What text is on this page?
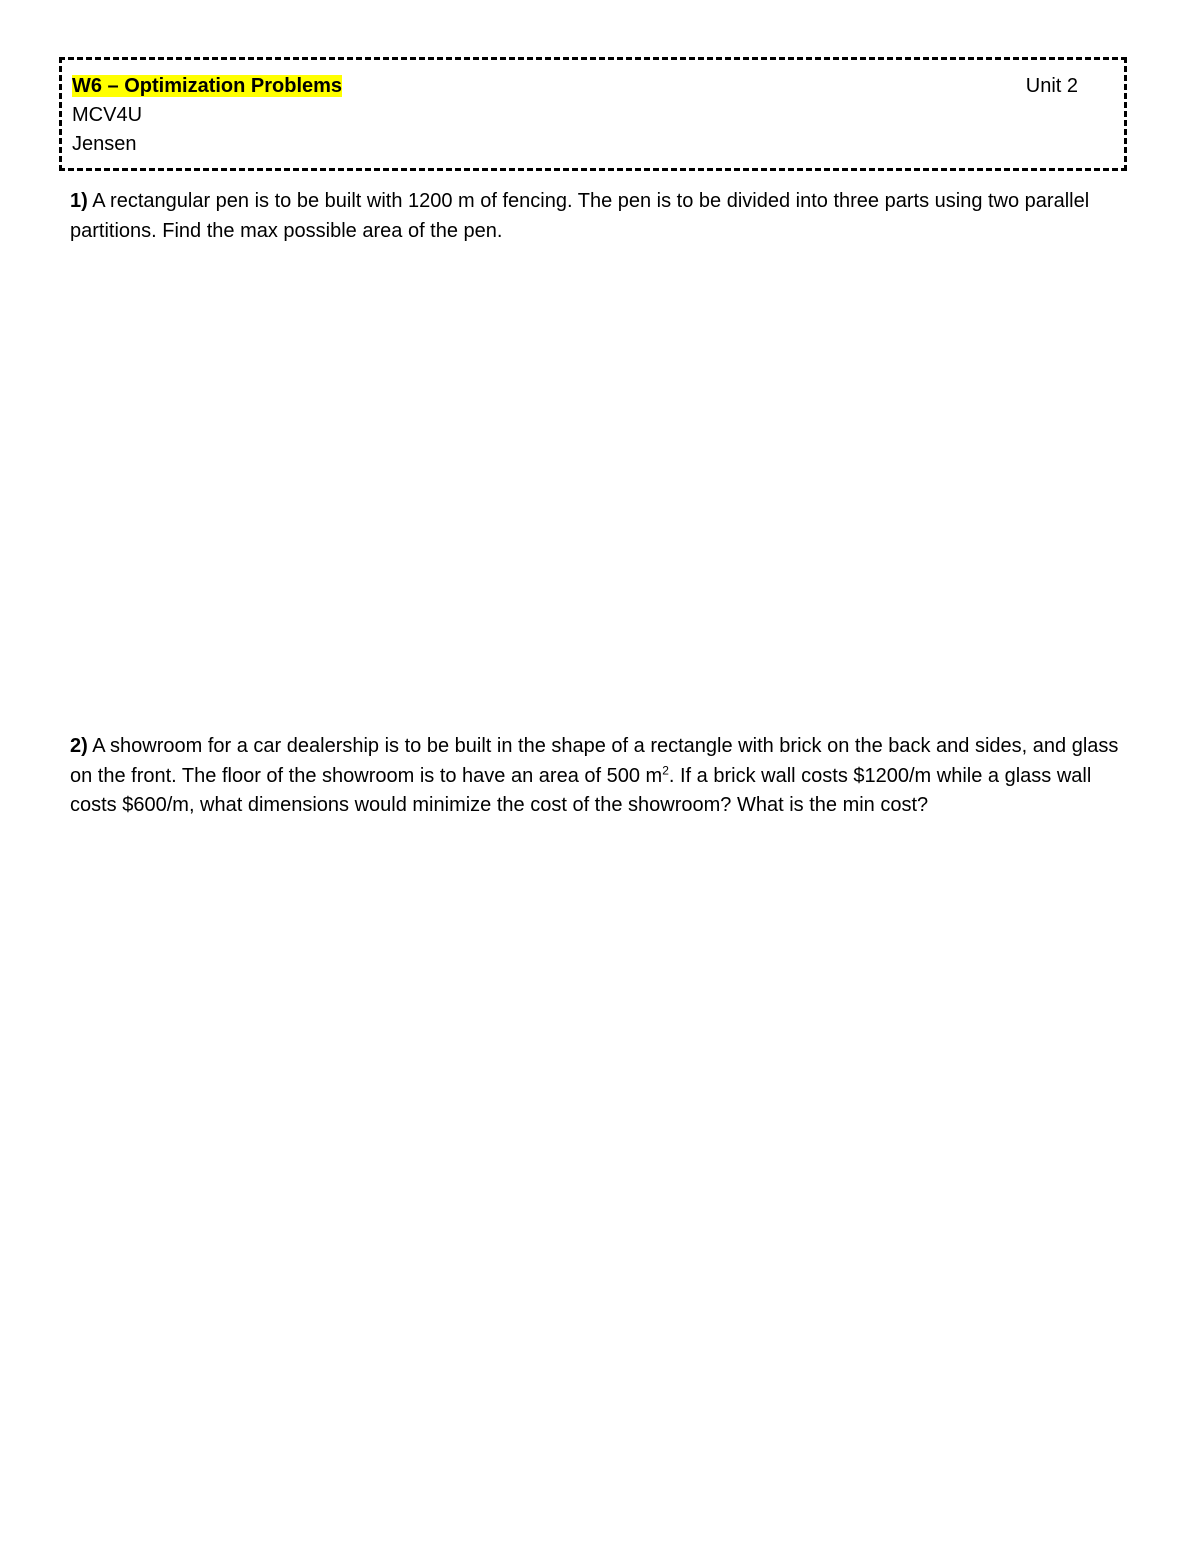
W6 – Optimization Problems
MCV4U
Jensen
Unit 2
1) A rectangular pen is to be built with 1200 m of fencing. The pen is to be divided into three parts using two parallel partitions. Find the max possible area of the pen.
2) A showroom for a car dealership is to be built in the shape of a rectangle with brick on the back and sides, and glass on the front. The floor of the showroom is to have an area of 500 $m^2$. If a brick wall costs $1200/m while a glass wall costs $600/m, what dimensions would minimize the cost of the showroom? What is the min cost?
